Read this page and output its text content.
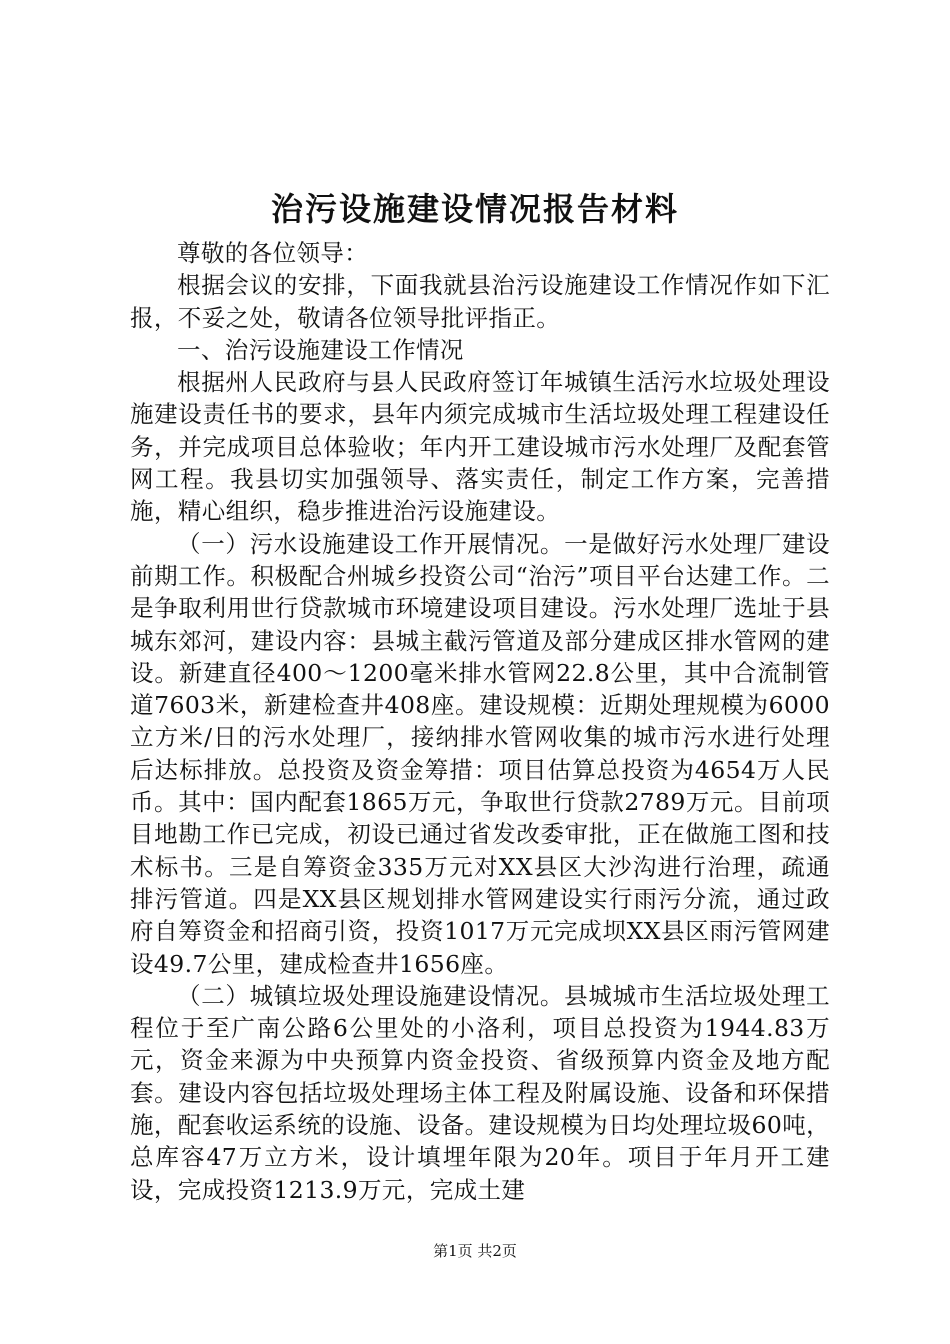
治污设施建设情况报告材料

尊敬的各位领导：

根据会议的安排，下面我就县治污设施建设工作情况作如下汇报，不妥之处，敬请各位领导批评指正。

一、治污设施建设工作情况

根据州人民政府与县人民政府签订年城镇生活污水垃圾处理设施建设责任书的要求，县年内须完成城市生活垃圾处理工程建设任务，并完成项目总体验收；年内开工建设城市污水处理厂及配套管网工程。我县切实加强领导、落实责任，制定工作方案，完善措施，精心组织，稳步推进治污设施建设。

（一）污水设施建设工作开展情况。一是做好污水处理厂建设前期工作。积极配合州城乡投资公司“治污”项目平台达建工作。二是争取利用世行贷款城市环境建设项目建设。污水处理厂选址于县城东郊河，建设内容：县城主截污管道及部分建成区排水管网的建设。新建直径400～1200毫米排水管网22.8公里，其中合流制管道7603米，新建检查井408座。建设规模：近期处理规模为6000立方米/日的污水处理厂，接纳排水管网收集的城市污水进行处理后达标排放。总投资及资金筹措：项目估算总投资为4654万人民币。其中：国内配套1865万元，争取世行贷款2789万元。目前项目地勘工作已完成，初设已通过省发改委审批，正在做施工图和技术标书。三是自筹资金335万元对XX县区大沙沟进行治理，疏通排污管道。四是XX县区规划排水管网建设实行雨污分流，通过政府自筹资金和招商引资，投资1017万元完成坝XX县区雨污管网建设49.7公里，建成检查井1656座。

（二）城镇垃圾处理设施建设情况。县城城市生活垃圾处理工程位于至广南公路6公里处的小洛利，项目总投资为1944.83万元，资金来源为中央预算内资金投资、省级预算内资金及地方配套。建设内容包括垃圾处理场主体工程及附属设施、设备和环保措施，配套收运系统的设施、设备。建设规模为日均处理垃圾60吨，总库容47万立方米，设计填埋年限为20年。项目于年月开工建设，完成投资1213.9万元，完成土建

第1页 共2页
